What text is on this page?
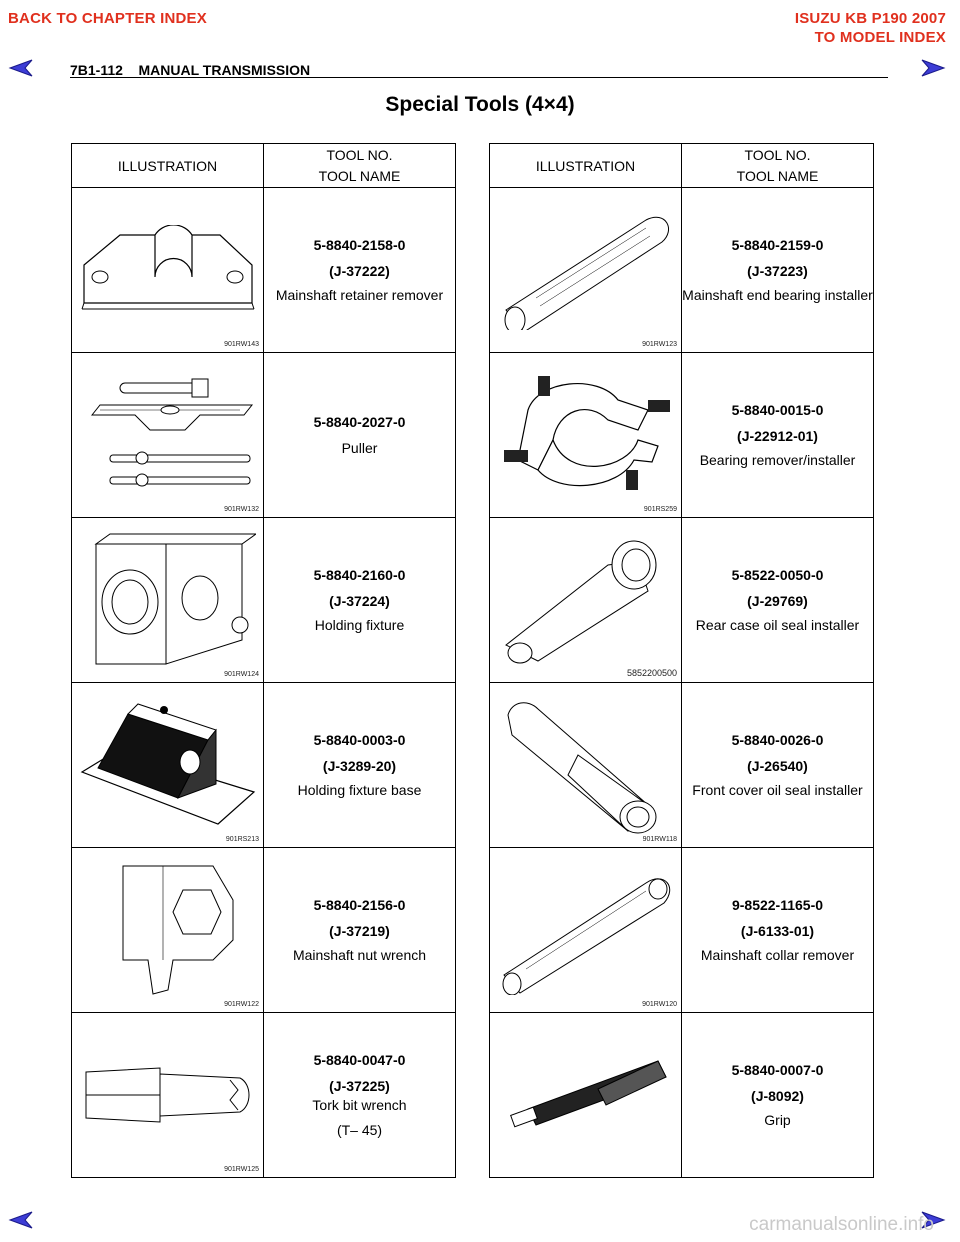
BACK TO CHAPTER INDEX	ISUZU KB P190 2007
TO MODEL INDEX
7B1-112 MANUAL TRANSMISSION
Special Tools (4×4)
ILLUSTRATION	TOOL NO.
TOOL NAME

901RW143	5-8840-2158-0
(J-37222)
Mainshaft retainer remover

901RW132	5-8840-2027-0
Puller

901RW124	5-8840-2160-0
(J-37224)
Holding fixture

901RS213	5-8840-0003-0
(J-3289-20)
Holding fixture base

901RW122	5-8840-2156-0
(J-37219)
Mainshaft nut wrench

901RW125	5-8840-0047-0
(J-37225)
Tork bit wrench
(T– 45)
ILLUSTRATION	TOOL NO.
TOOL NAME

901RW123	5-8840-2159-0
(J-37223)
Mainshaft end bearing installer

901RS259	5-8840-0015-0
(J-22912-01)
Bearing remover/installer

5852200500	5-8522-0050-0
(J-29769)
Rear case oil seal installer

901RW118	5-8840-0026-0
(J-26540)
Front cover oil seal installer

901RW120	9-8522-1165-0
(J-6133-01)
Mainshaft collar remover

5-8840-0007-0
(J-8092)
Grip
carmanualsonline.info
